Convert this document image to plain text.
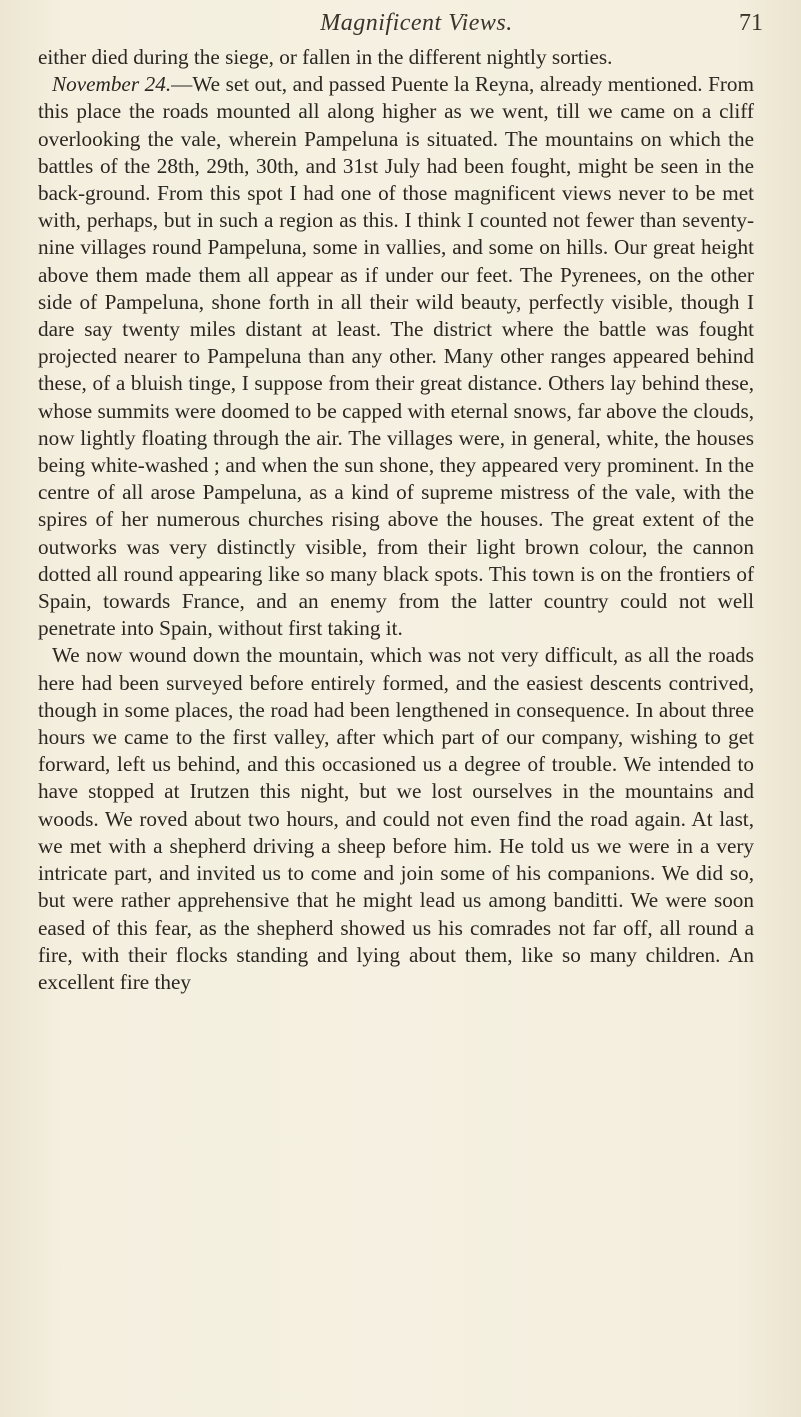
Magnificent Views.	71

either died during the siege, or fallen in the different nightly sorties.

November 24.—We set out, and passed Puente la Reyna, already mentioned. From this place the roads mounted all along higher as we went, till we came on a cliff overlooking the vale, wherein Pampeluna is situated. The mountains on which the battles of the 28th, 29th, 30th, and 31st July had been fought, might be seen in the back-ground. From this spot I had one of those magnificent views never to be met with, perhaps, but in such a region as this. I think I counted not fewer than seventy-nine villages round Pampeluna, some in vallies, and some on hills. Our great height above them made them all appear as if under our feet. The Pyrenees, on the other side of Pampeluna, shone forth in all their wild beauty, perfectly visible, though I dare say twenty miles distant at least. The district where the battle was fought projected nearer to Pampeluna than any other. Many other ranges appeared behind these, of a bluish tinge, I suppose from their great distance. Others lay behind these, whose summits were doomed to be capped with eternal snows, far above the clouds, now lightly floating through the air. The villages were, in general, white, the houses being white-washed ; and when the sun shone, they appeared very prominent. In the centre of all arose Pampeluna, as a kind of supreme mistress of the vale, with the spires of her numerous churches rising above the houses. The great extent of the outworks was very distinctly visible, from their light brown colour, the cannon dotted all round appearing like so many black spots. This town is on the frontiers of Spain, towards France, and an enemy from the latter country could not well penetrate into Spain, without first taking it.

We now wound down the mountain, which was not very difficult, as all the roads here had been surveyed before entirely formed, and the easiest descents contrived, though in some places, the road had been lengthened in consequence. In about three hours we came to the first valley, after which part of our company, wishing to get forward, left us behind, and this occasioned us a degree of trouble. We intended to have stopped at Irutzen this night, but we lost ourselves in the mountains and woods. We roved about two hours, and could not even find the road again. At last, we met with a shepherd driving a sheep before him. He told us we were in a very intricate part, and invited us to come and join some of his companions. We did so, but were rather apprehensive that he might lead us among banditti. We were soon eased of this fear, as the shepherd showed us his comrades not far off, all round a fire, with their flocks standing and lying about them, like so many children. An excellent fire they
